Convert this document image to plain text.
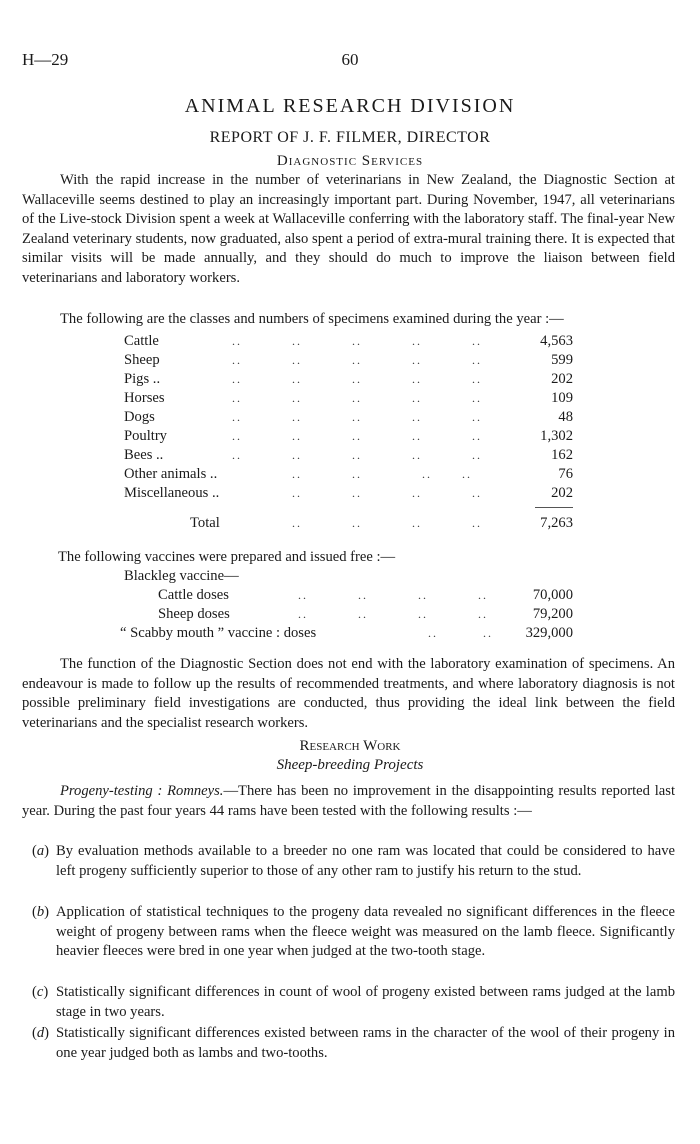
H—29	60
ANIMAL RESEARCH DIVISION
REPORT OF J. F. FILMER, DIRECTOR
Diagnostic Services

With the rapid increase in the number of veterinarians in New Zealand, the Diagnostic Section at Wallaceville seems destined to play an increasingly important part. During November, 1947, all veterinarians of the Live-stock Division spent a week at Wallaceville conferring with the laboratory staff. The final-year New Zealand veterinary students, now graduated, also spent a period of extra-mural training there. It is expected that similar visits will be made annually, and they should do much to improve the liaison between field veterinarians and laboratory workers.

The following are the classes and numbers of specimens examined during the year :—

Cattle	..          ..          ..          ..          ..	4,563
Sheep	..          ..          ..          ..          ..	599
Pigs ..	..          ..          ..          ..          ..	202
Horses	..          ..          ..          ..          ..	109
Dogs	..          ..          ..          ..          ..	48
Poultry	..          ..          ..          ..          ..	1,302
Bees ..	..          ..          ..          ..          ..	162
Other animals .. ..          ..            ..      ..	76
Miscellaneous .. ..          ..          ..          ..	202
Total ..          ..          ..          ..	7,263
The following vaccines were prepared and issued free :—
Blackleg vaccine—
Cattle doses	..          ..          ..          ..	70,000
Sheep doses	..          ..          ..          ..	79,200
“ Scabby mouth ” vaccine : doses	..         ..	329,000

The function of the Diagnostic Section does not end with the laboratory examination of specimens. An endeavour is made to follow up the results of recommended treatments, and where laboratory diagnosis is not possible preliminary field investigations are conducted, thus providing the ideal link between the field veterinarians and the specialist research workers.

Research Work
Sheep-breeding Projects

Progeny-testing : Romneys.—There has been no improvement in the disappointing results reported last year. During the past four years 44 rams have been tested with the following results :—

(a) By evaluation methods available to a breeder no one ram was located that could be considered to have left progeny sufficiently superior to those of any other ram to justify his return to the stud.
(b) Application of statistical techniques to the progeny data revealed no significant differences in the fleece weight of progeny between rams when the fleece weight was measured on the lamb fleece. Significantly heavier fleeces were bred in one year when judged at the two-tooth stage.
(c) Statistically significant differences in count of wool of progeny existed between rams judged at the lamb stage in two years.
(d) Statistically significant differences existed between rams in the character of the wool of their progeny in one year judged both as lambs and two-tooths.
